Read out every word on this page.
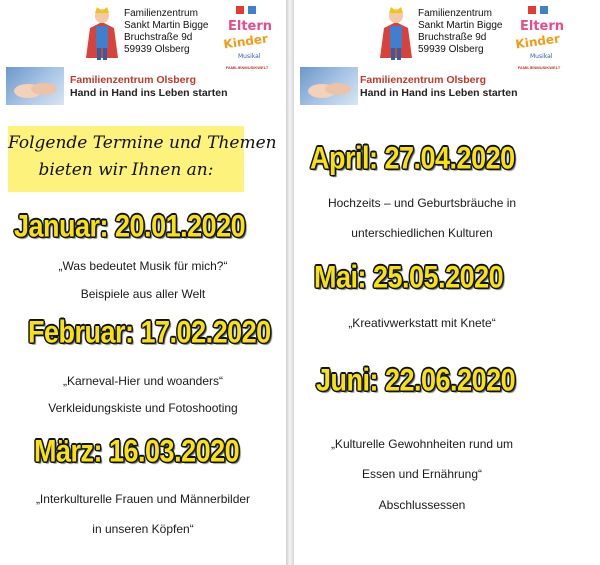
Familienzentrum
Sankt Martin Bigge
Bruchstraße 9d
59939 Olsberg
Eltern
Kinder
Musikal
FAMILIENMUSIKWELT
Familienzentrum Olsberg
Hand in Hand ins Leben starten
Folgende Termine und Themen
bieten wir Ihnen an:
Januar: 20.01.2020
„Was bedeutet Musik für mich?“
Beispiele aus aller Welt
Februar: 17.02.2020
„Karneval-Hier und woanders“
Verkleidungskiste und Fotoshooting
März: 16.03.2020
„Interkulturelle Frauen und Männerbilder
in unseren Köpfen“
Familienzentrum
Sankt Martin Bigge
Bruchstraße 9d
59939 Olsberg
Eltern
Kinder
Musikal
FAMILIENMUSIKWELT
Familienzentrum Olsberg
Hand in Hand ins Leben starten
April: 27.04.2020
Hochzeits – und Geburtsbräuche in
unterschiedlichen Kulturen
Mai: 25.05.2020
„Kreativwerkstatt mit Knete“
Juni: 22.06.2020
„Kulturelle Gewohnheiten rund um
Essen und Ernährung“
Abschlussessen
